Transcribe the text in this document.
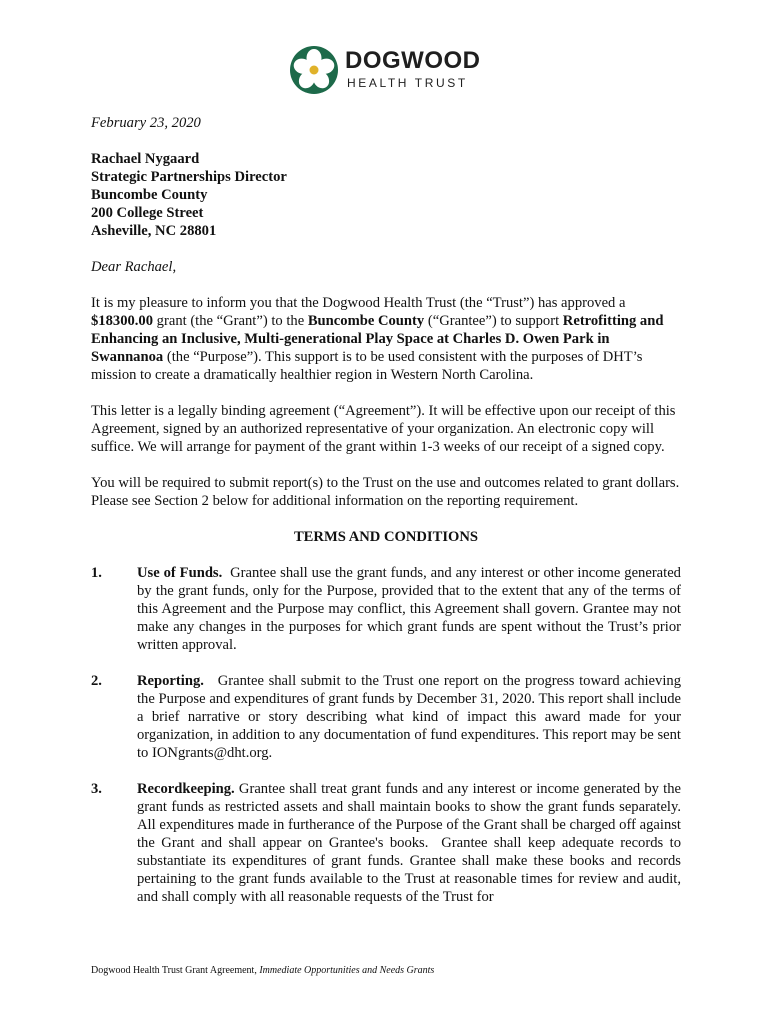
DOGWOOD
HEALTH TRUST

February 23, 2020

Rachael Nygaard
Strategic Partnerships Director
Buncombe County
200 College Street
Asheville, NC 28801

Dear Rachael,

It is my pleasure to inform you that the Dogwood Health Trust (the “Trust”) has approved a $18300.00 grant (the “Grant”) to the Buncombe County (“Grantee”) to support Retrofitting and Enhancing an Inclusive, Multi-generational Play Space at Charles D. Owen Park in Swannanoa (the “Purpose”). This support is to be used consistent with the purposes of DHT’s mission to create a dramatically healthier region in Western North Carolina.

This letter is a legally binding agreement (“Agreement”). It will be effective upon our receipt of this Agreement, signed by an authorized representative of your organization. An electronic copy will suffice. We will arrange for payment of the grant within 1-3 weeks of our receipt of a signed copy.

You will be required to submit report(s) to the Trust on the use and outcomes related to grant dollars. Please see Section 2 below for additional information on the reporting requirement.

TERMS AND CONDITIONS

1.	Use of Funds.  Grantee shall use the grant funds, and any interest or other income generated by the grant funds, only for the Purpose, provided that to the extent that any of the terms of this Agreement and the Purpose may conflict, this Agreement shall govern. Grantee may not make any changes in the purposes for which grant funds are spent without the Trust’s prior written approval.
2.	Reporting.   Grantee shall submit to the Trust one report on the progress toward achieving the Purpose and expenditures of grant funds by December 31, 2020. This report shall include a brief narrative or story describing what kind of impact this award made for your organization, in addition to any documentation of fund expenditures. This report may be sent to IONgrants@dht.org.
3.	Recordkeeping. Grantee shall treat grant funds and any interest or income generated by the grant funds as restricted assets and shall maintain books to show the grant funds separately. All expenditures made in furtherance of the Purpose of the Grant shall be charged off against the Grant and shall appear on Grantee's books.  Grantee shall keep adequate records to substantiate its expenditures of grant funds. Grantee shall make these books and records pertaining to the grant funds available to the Trust at reasonable times for review and audit, and shall comply with all reasonable requests of the Trust for
Dogwood Health Trust Grant Agreement, Immediate Opportunities and Needs Grants
